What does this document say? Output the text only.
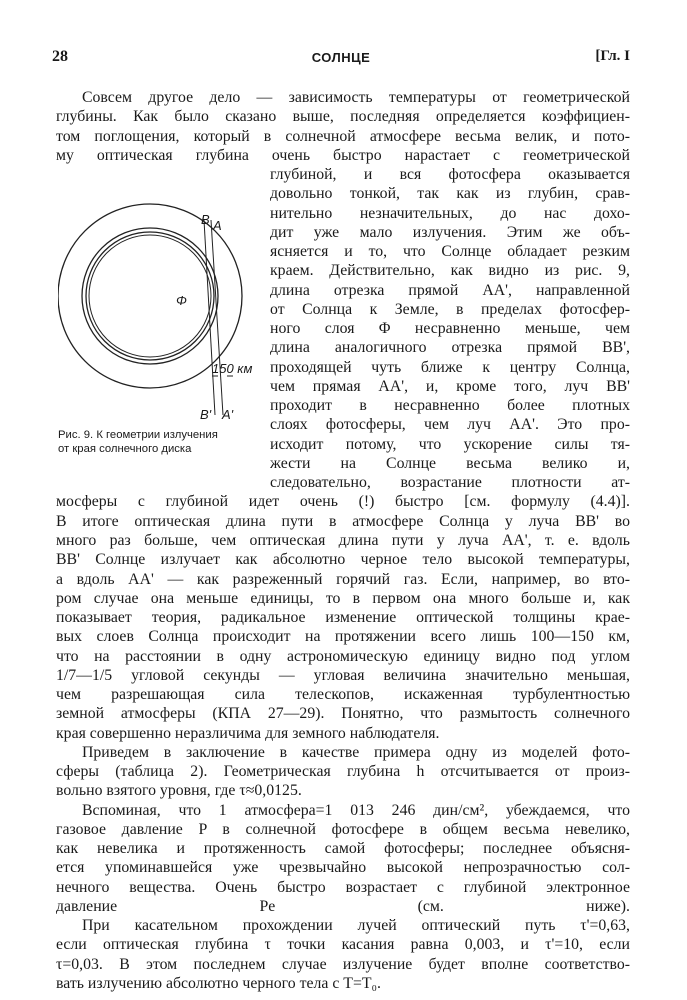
28	СОЛНЦЕ	[Гл. I
B A
Φ
150 км
B' A'
Рис. 9. К геометрии излучения
от края солнечного диска
Совсем другое дело — зависимость температуры от геометрической
глубины. Как было сказано выше, последняя определяется коэффициен-
том поглощения, который в солнечной атмосфере весьма велик, и пото-
му оптическая глубина очень быстро нарастает с геометрической
глубиной, и вся фотосфера оказывается
довольно тонкой, так как из глубин, срав-
нительно незначительных, до нас дохо-
дит уже мало излучения. Этим же объ-
ясняется и то, что Солнце обладает резким
краем. Действительно, как видно из рис. 9,
длина отрезка прямой AA', направленной
от Солнца к Земле, в пределах фотосфер-
ного слоя Φ несравненно меньше, чем
длина аналогичного отрезка прямой BB',
проходящей чуть ближе к центру Солнца,
чем прямая AA', и, кроме того, луч BB'
проходит в несравненно более плотных
слоях фотосферы, чем луч AA'. Это про-
исходит потому, что ускорение силы тя-
жести на Солнце весьма велико и,
следовательно, возрастание плотности ат-
мосферы с глубиной идет очень (!) быстро [см. формулу (4.4)].
В итоге оптическая длина пути в атмосфере Солнца у луча BB' во
много раз больше, чем оптическая длина пути у луча AA', т. е. вдоль
BB' Солнце излучает как абсолютно черное тело высокой температуры,
а вдоль AA' — как разреженный горячий газ. Если, например, во вто-
ром случае она меньше единицы, то в первом она много больше и, как
показывает теория, радикальное изменение оптической толщины крае-
вых слоев Солнца происходит на протяжении всего лишь 100—150 км,
что на расстоянии в одну астрономическую единицу видно под углом
1/7—1/5 угловой секунды — угловая величина значительно меньшая,
чем разрешающая сила телескопов, искаженная турбулентностью
земной атмосферы (КПА 27—29). Понятно, что размытость солнечного
края совершенно неразличима для земного наблюдателя.
Приведем в заключение в качестве примера одну из моделей фото-
сферы (таблица 2). Геометрическая глубина h отсчитывается от произ-
вольно взятого уровня, где τ≈0,0125.
Вспоминая, что 1 атмосфера=1 013 246 дин/см², убеждаемся, что
газовое давление P в солнечной фотосфере в общем весьма невелико,
как невелика и протяженность самой фотосферы; последнее объясня-
ется упоминавшейся уже чрезвычайно высокой непрозрачностью сол-
нечного вещества. Очень быстро возрастает с глубиной электронное
давление Pe (см. ниже).
При касательном прохождении лучей оптический путь τ'=0,63,
если оптическая глубина τ точки касания равна 0,003, и τ'=10, если
τ=0,03. В этом последнем случае излучение будет вполне соответство-
вать излучению абсолютно черного тела с T=T₀.
